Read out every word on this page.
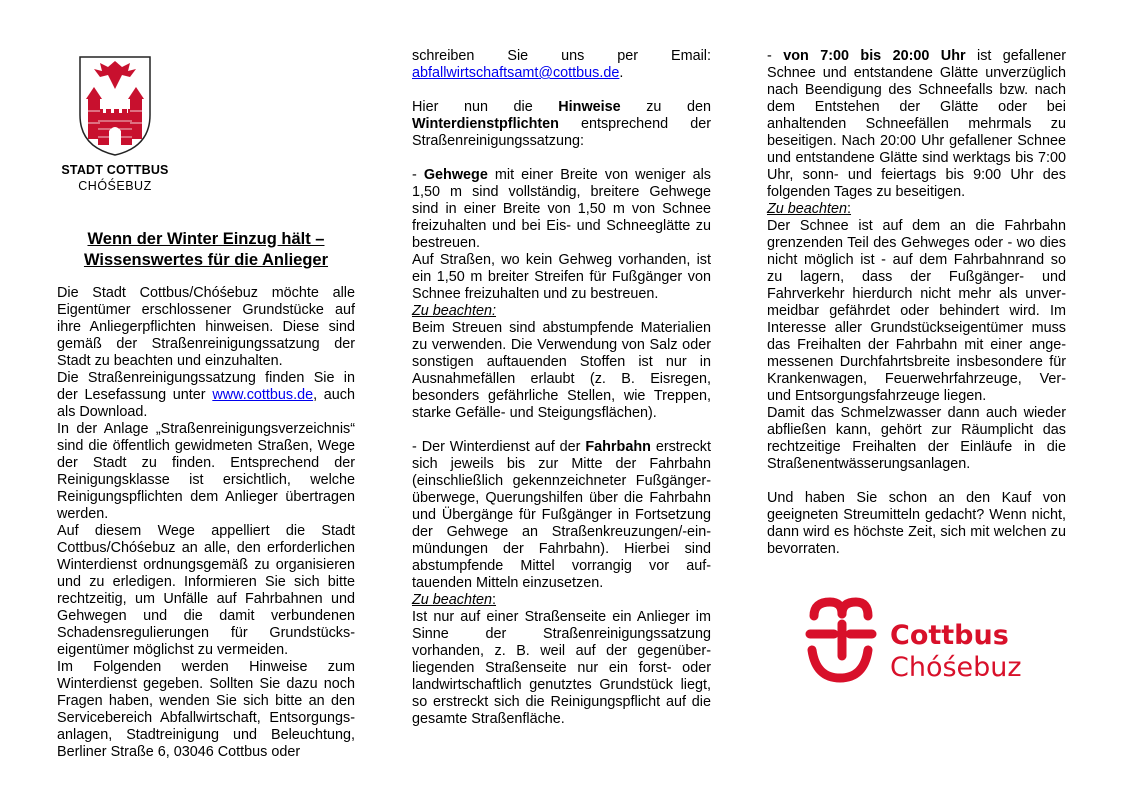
STADT COTTBUS
CHÓŚEBUZ
Wenn der Winter Einzug hält –
Wissenswertes für die Anlieger

Die Stadt Cottbus/Chóśebuz möchte alle Eigentümer erschlossener Grundstücke auf ihre Anliegerpflichten hinweisen. Diese sind gemäß der Straßenreinigungssatzung der Stadt zu beachten und einzuhalten.

Die Straßenreinigungssatzung finden Sie in der Lesefassung unter www.cottbus.de, auch als Download.

In der Anlage „Straßenreinigungsverzeichnis“ sind die öffentlich gewidmeten Straßen, Wege der Stadt zu finden. Entsprechend der Reinigungsklasse ist ersichtlich, welche Reinigungspflichten dem Anlieger übertragen werden.

Auf diesem Wege appelliert die Stadt Cottbus/Chóśebuz an alle, den erforderlichen Winterdienst ordnungsgemäß zu organisieren und zu erledigen. Informieren Sie sich bitte rechtzeitig, um Unfälle auf Fahrbahnen und Gehwegen und die damit verbundenen Schadensregulierungen für Grundstücks-eigentümer möglichst zu vermeiden.

Im Folgenden werden Hinweise zum Winterdienst gegeben. Sollten Sie dazu noch Fragen haben, wenden Sie sich bitte an den Servicebereich Abfallwirtschaft, Entsorgungs-anlagen, Stadtreinigung und Beleuchtung, Berliner Straße 6, 03046 Cottbus oder

schreiben Sie uns per Email: abfallwirtschaftsamt@cottbus.de.

Hier nun die Hinweise zu den Winterdienstpflichten entsprechend der Straßenreinigungssatzung:

- Gehwege mit einer Breite von weniger als 1,50 m sind vollständig, breitere Gehwege sind in einer Breite von 1,50 m von Schnee freizuhalten und bei Eis- und Schneeglätte zu bestreuen.

Auf Straßen, wo kein Gehweg vorhanden, ist ein 1,50 m breiter Streifen für Fußgänger von Schnee freizuhalten und zu bestreuen.

Zu beachten:

Beim Streuen sind abstumpfende Materialien zu verwenden. Die Verwendung von Salz oder sonstigen auftauenden Stoffen ist nur in Ausnahmefällen erlaubt (z. B. Eisregen, besonders gefährliche Stellen, wie Treppen, starke Gefälle- und Steigungsflächen).

- Der Winterdienst auf der Fahrbahn erstreckt sich jeweils bis zur Mitte der Fahrbahn (einschließlich gekennzeichneter Fußgänger-überwege, Querungshilfen über die Fahrbahn und Übergänge für Fußgänger in Fortsetzung der Gehwege an Straßenkreuzungen/-ein-mündungen der Fahrbahn). Hierbei sind abstumpfende Mittel vorrangig vor auf-tauenden Mitteln einzusetzen.

Zu beachten:

Ist nur auf einer Straßenseite ein Anlieger im Sinne der Straßenreinigungssatzung vorhanden, z. B. weil auf der gegenüber-liegenden Straßenseite nur ein forst- oder landwirtschaftlich genutztes Grundstück liegt, so erstreckt sich die Reinigungspflicht auf die gesamte Straßenfläche.

- von 7:00 bis 20:00 Uhr ist gefallener Schnee und entstandene Glätte unverzüglich nach Beendigung des Schneefalls bzw. nach dem Entstehen der Glätte oder bei anhaltenden Schneefällen mehrmals zu beseitigen. Nach 20:00 Uhr gefallener Schnee und entstandene Glätte sind werktags bis 7:00 Uhr, sonn- und feiertags bis 9:00 Uhr des folgenden Tages zu beseitigen.

Zu beachten:

Der Schnee ist auf dem an die Fahrbahn grenzenden Teil des Gehweges oder - wo dies nicht möglich ist - auf dem Fahrbahnrand so zu lagern, dass der Fußgänger- und Fahrverkehr hierdurch nicht mehr als unver-meidbar gefährdet oder behindert wird. Im Interesse aller Grundstückseigentümer muss das Freihalten der Fahrbahn mit einer ange-messenen Durchfahrtsbreite insbesondere für Krankenwagen, Feuerwehrfahrzeuge, Ver- und Entsorgungsfahrzeuge liegen.

Damit das Schmelzwasser dann auch wieder abfließen kann, gehört zur Räumplicht das rechtzeitige Freihalten der Einläufe in die Straßenentwässerungsanlagen.

Und haben Sie schon an den Kauf von geeigneten Streumitteln gedacht? Wenn nicht, dann wird es höchste Zeit, sich mit welchen zu bevorraten.

Cottbus
Chóśebuz
